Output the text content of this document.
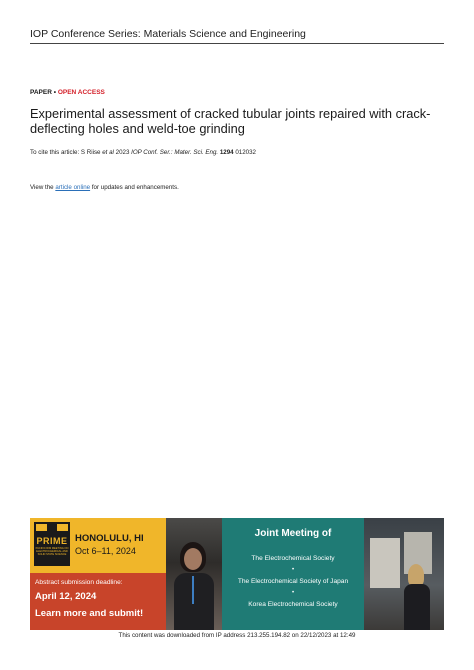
IOP Conference Series: Materials Science and Engineering
PAPER • OPEN ACCESS
Experimental assessment of cracked tubular joints repaired with crack-deflecting holes and weld-toe grinding
To cite this article: S Riise et al 2023 IOP Conf. Ser.: Mater. Sci. Eng. 1294 012032
View the article online for updates and enhancements.
PRIME
PACIFIC RIM MEETING ON ELECTROCHEMICAL AND SOLID STATE SCIENCE
HONOLULU, HI
Oct 6–11, 2024
Abstract submission deadline:
April 12, 2024
Learn more and submit!
Joint Meeting of
The Electrochemical Society
•
The Electrochemical Society of Japan
•
Korea Electrochemical Society
This content was downloaded from IP address 213.255.194.82 on 22/12/2023 at 12:49
